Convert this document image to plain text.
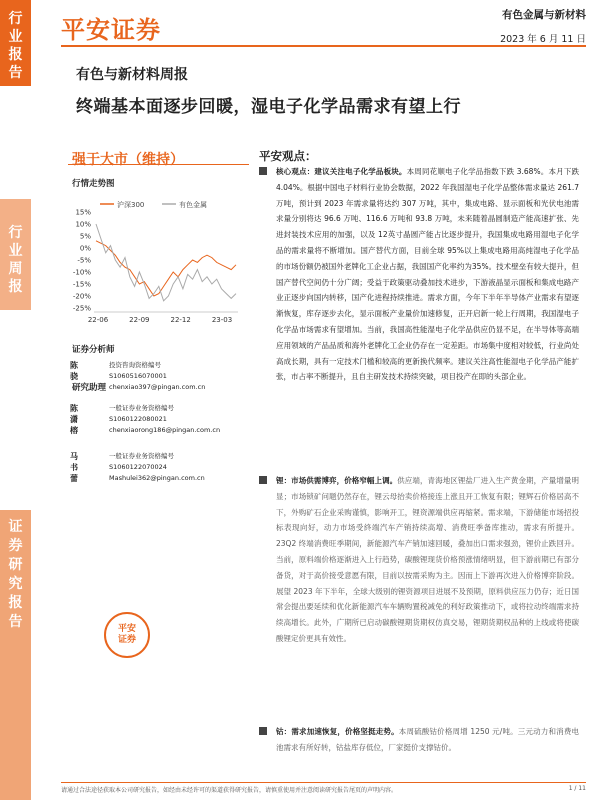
行
业
报
告
行
业
周
报
证
券
研
究
报
告
平安证券
有色金属与新材料
2023 年 6 月 11 日
有色与新材料周报
终端基本面逐步回暖，湿电子化学品需求有望上行
强于大市（维持）	平安观点：
行情走势图
沪深300	有色金属
15%
10%
5%
0%
-5%
-10%
-15%
-20%
-25%
22-06	22-09	22-12	23-03
证券分析师
陈骁
投资咨询资格编号
S1060516070001
chenxiao397@pingan.com.cn
研究助理
陈潇榕
一般证券业务资格编号
S1060122080021
chenxiaorong186@pingan.com.cn
马书蕾
一般证券业务资格编号
S1060122070024
Mashulei362@pingan.com.cn
平安
证券

核心观点：建议关注电子化学品板块。本周同花顺电子化学品指数下跌 3.68%。本月下跌 4.04%。根据中国电子材料行业协会数据，2022 年我国湿电子化学品整体需求量达 261.7 万吨，预计到 2023 年需求量将达约 307 万吨，其中，集成电路、显示面板和光伏电池需求量分别将达 96.6 万吨、116.6 万吨和 93.8 万吨，未来随着晶圆制造产能高速扩张、先进封装技术应用的加强，以及 12英寸晶圆产能占比逐步提升，我国集成电路用湿电子化学品的需求量将不断增加。国产替代方面，目前全球 95%以上集成电路用高纯湿电子化学品的市场份额仍被国外老牌化工企业占据，我国国产化率约为35%。技术壁垒有较大提升，但国产替代空间仍十分广阔；受益于政策驱动叠加技术进步，下游液晶显示面板和集成电路产业正逐步向国内转移，国产化进程持续推进。需求方面，今年下半年半导体产业需求有望逐渐恢复，库存逐步去化，显示面板产业量价加速修复，正开启新一轮上行周期，我国湿电子化学品市场需求有望增加。当前，我国高性能湿电子化学品供应仍显不足，在半导体等高端应用领域的产品品质和海外老牌化工企业仍存在一定差距。市场集中度相对较低，行业尚处高成长期，具有一定技术门槛和较高的更新换代频率。建议关注高性能湿电子化学品产能扩张，市占率不断提升，且自主研发技术持续突破，项目投产在即的头部企业。

锂：市场供需博弈，价格窄幅上调。供应端，青海地区锂盐厂进入生产黄金期，产量增量明显；市场锁矿问题仍然存在，锂云母抬卖价格接连上涨且开工恢复有限；锂辉石价格居高不下，外购矿石企业采购谨慎，影响开工，锂资源端供应再缩紧。需求端，下游储能市场招投标表现向好，动力市场受終端汽车产销持续高增、消费旺季备库推动，需求有所提升。23Q2 终端消费旺季期间，新能源汽车产销加速回暖，叠加出口需求强劲，锂价止跌回升。当前，原料端价格逐渐进入上行趋势，碳酸锂现货价格预涨情绪明显，但下游前期已有部分备货，对于高价接受意愿有限，目前以按需采购为主。因而上下游再次进入价格博弈阶段。展望 2023 年下半年，全球大级别的锂资源项目进展不及预期，原料供应压力仍存；近日国常会提出要延续和优化新能源汽车车辆购置税减免的利好政策推动下，或将拉动终端需求持续高增长。此外，广期所已启动碳酸锂期货期权仿真交易，锂期货期权品种的上线或将使碳酸锂定价更具有效性。

钴：需求加速恢复，价格坚挺走势。本周硫酸钴价格周增 1250 元/吨。三元动力和消费电池需求有所好转，钴盐库存低位，厂家挺价支撑钴价。

请通过合法途径获取本公司研究报告，如经由未经许可的渠道获得研究报告，请慎重使用并注意阅读研究报告尾页的声明内容。	1 / 11
